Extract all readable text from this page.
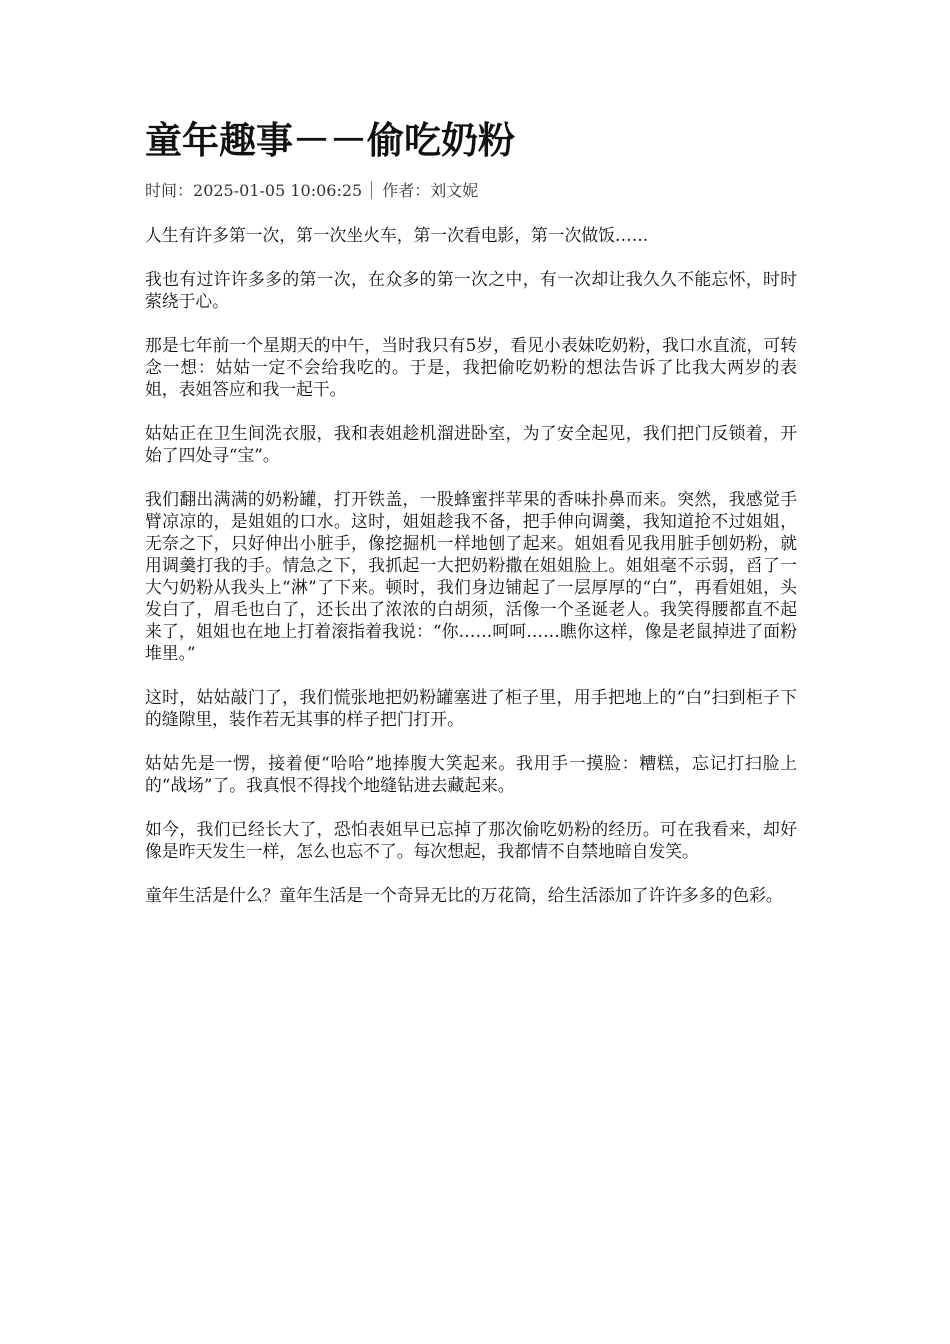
童年趣事－－偷吃奶粉
时间：2025-01-05 10:06:25 作者：刘文妮

人生有许多第一次，第一次坐火车，第一次看电影，第一次做饭……

我也有过许许多多的第一次，在众多的第一次之中，有一次却让我久久不能忘怀，时时萦绕于心。

那是七年前一个星期天的中午，当时我只有5岁，看见小表妹吃奶粉，我口水直流，可转念一想：姑姑一定不会给我吃的。于是，我把偷吃奶粉的想法告诉了比我大两岁的表姐，表姐答应和我一起干。

姑姑正在卫生间洗衣服，我和表姐趁机溜进卧室，为了安全起见，我们把门反锁着，开始了四处寻“宝”。

我们翻出满满的奶粉罐，打开铁盖，一股蜂蜜拌苹果的香味扑鼻而来。突然，我感觉手臂凉凉的，是姐姐的口水。这时，姐姐趁我不备，把手伸向调羹，我知道抢不过姐姐，无奈之下，只好伸出小脏手，像挖掘机一样地刨了起来。姐姐看见我用脏手刨奶粉，就用调羹打我的手。情急之下，我抓起一大把奶粉撒在姐姐脸上。姐姐毫不示弱，舀了一大勺奶粉从我头上“淋”了下来。顿时，我们身边铺起了一层厚厚的“白”，再看姐姐，头发白了，眉毛也白了，还长出了浓浓的白胡须，活像一个圣诞老人。我笑得腰都直不起来了，姐姐也在地上打着滚指着我说：“你……呵呵……瞧你这样，像是老鼠掉进了面粉堆里。”

这时，姑姑敲门了，我们慌张地把奶粉罐塞进了柜子里，用手把地上的“白”扫到柜子下的缝隙里，装作若无其事的样子把门打开。

姑姑先是一愣，接着便“哈哈”地捧腹大笑起来。我用手一摸脸：糟糕，忘记打扫脸上的“战场”了。我真恨不得找个地缝钻进去藏起来。

如今，我们已经长大了，恐怕表姐早已忘掉了那次偷吃奶粉的经历。可在我看来，却好像是昨天发生一样，怎么也忘不了。每次想起，我都情不自禁地暗自发笑。

童年生活是什么？童年生活是一个奇异无比的万花筒，给生活添加了许许多多的色彩。
